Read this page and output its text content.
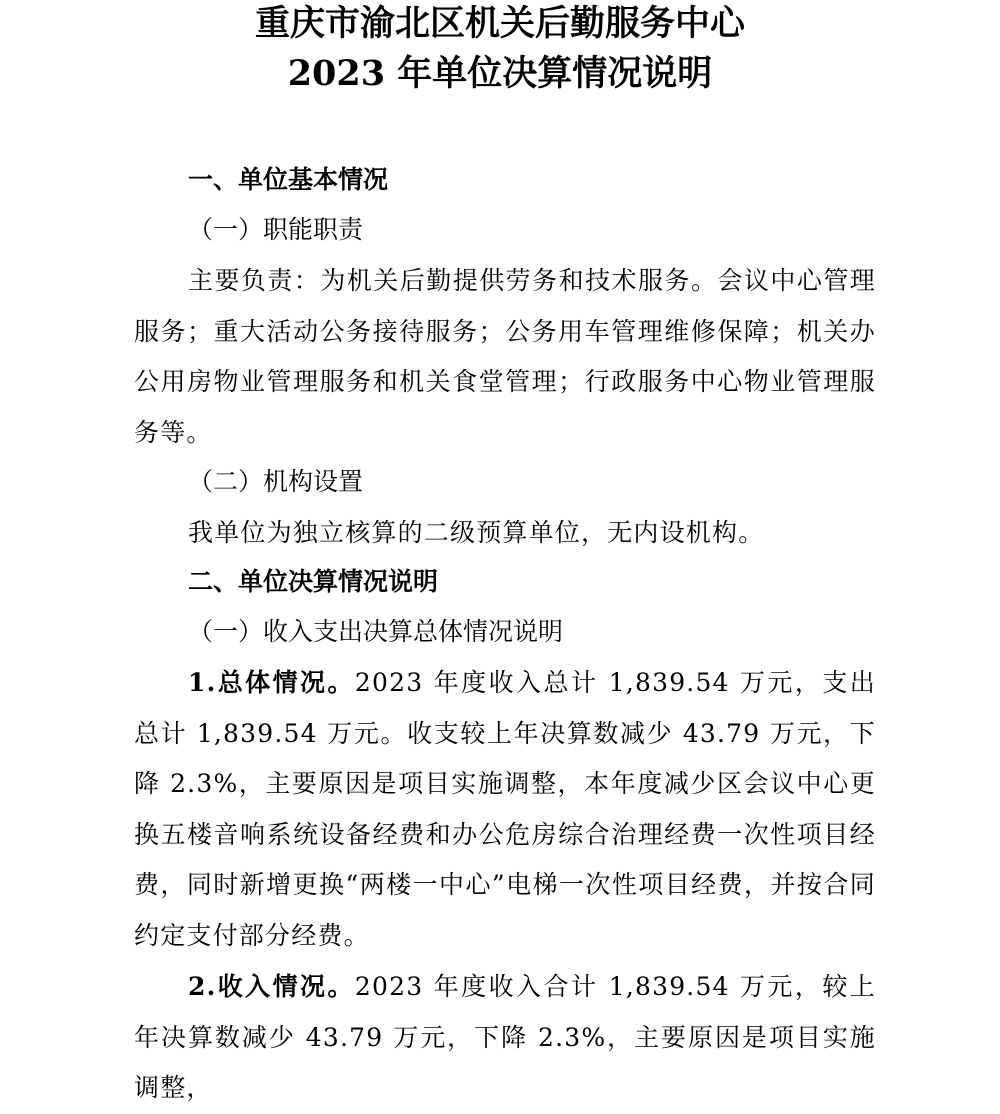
重庆市渝北区机关后勤服务中心
2023 年单位决算情况说明
一、单位基本情况
（一）职能职责
主要负责：为机关后勤提供劳务和技术服务。会议中心管理服务；重大活动公务接待服务；公务用车管理维修保障；机关办公用房物业管理服务和机关食堂管理；行政服务中心物业管理服务等。
（二）机构设置
我单位为独立核算的二级预算单位，无内设机构。
二、单位决算情况说明
（一）收入支出决算总体情况说明
1.总体情况。2023 年度收入总计 1,839.54 万元，支出总计 1,839.54 万元。收支较上年决算数减少 43.79 万元，下降 2.3%，主要原因是项目实施调整，本年度减少区会议中心更换五楼音响系统设备经费和办公危房综合治理经费一次性项目经费，同时新增更换“两楼一中心”电梯一次性项目经费，并按合同约定支付部分经费。
2.收入情况。2023 年度收入合计 1,839.54 万元，较上年决算数减少 43.79 万元，下降 2.3%，主要原因是项目实施调整，
